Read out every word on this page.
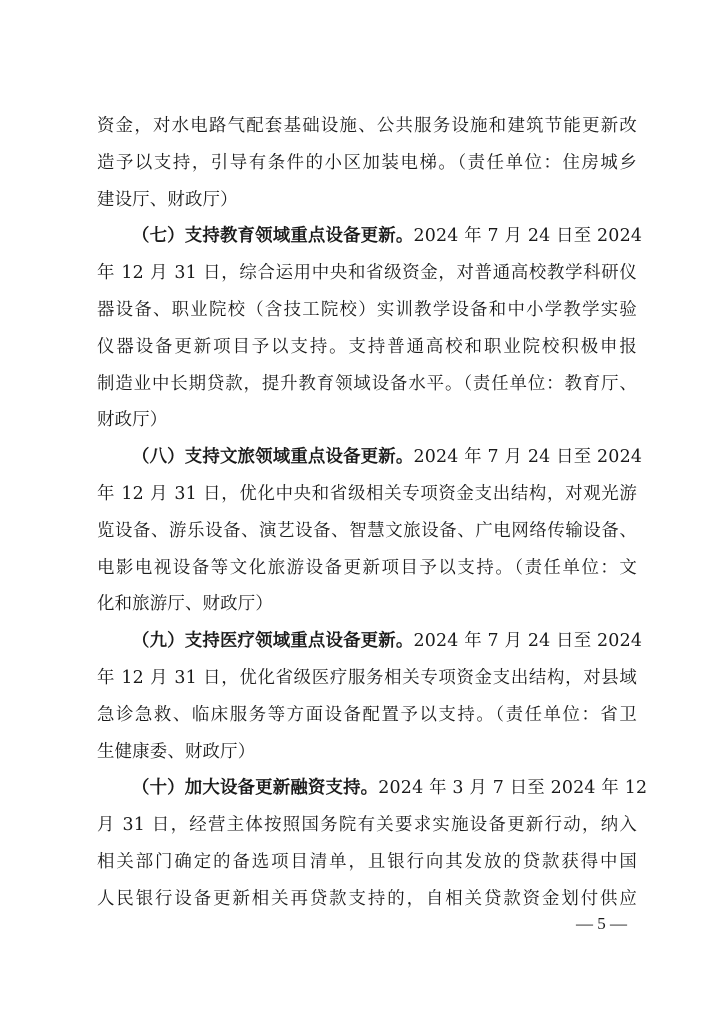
资金，对水电路气配套基础设施、公共服务设施和建筑节能更新改
造予以支持，引导有条件的小区加装电梯。（责任单位：住房城乡
建设厅、财政厅）
（七）支持教育领域重点设备更新。2024 年 7 月 24 日至 2024
年 12 月 31 日，综合运用中央和省级资金，对普通高校教学科研仪
器设备、职业院校（含技工院校）实训教学设备和中小学教学实验
仪器设备更新项目予以支持。支持普通高校和职业院校积极申报
制造业中长期贷款，提升教育领域设备水平。（责任单位：教育厅、
财政厅）
（八）支持文旅领域重点设备更新。2024 年 7 月 24 日至 2024
年 12 月 31 日，优化中央和省级相关专项资金支出结构，对观光游
览设备、游乐设备、演艺设备、智慧文旅设备、广电网络传输设备、
电影电视设备等文化旅游设备更新项目予以支持。（责任单位：文
化和旅游厅、财政厅）
（九）支持医疗领域重点设备更新。2024 年 7 月 24 日至 2024
年 12 月 31 日，优化省级医疗服务相关专项资金支出结构，对县域
急诊急救、临床服务等方面设备配置予以支持。（责任单位：省卫
生健康委、财政厅）
（十）加大设备更新融资支持。2024 年 3 月 7 日至 2024 年 12
月 31 日，经营主体按照国务院有关要求实施设备更新行动，纳入
相关部门确定的备选项目清单，且银行向其发放的贷款获得中国
人民银行设备更新相关再贷款支持的，自相关贷款资金划付供应
— 5 —
